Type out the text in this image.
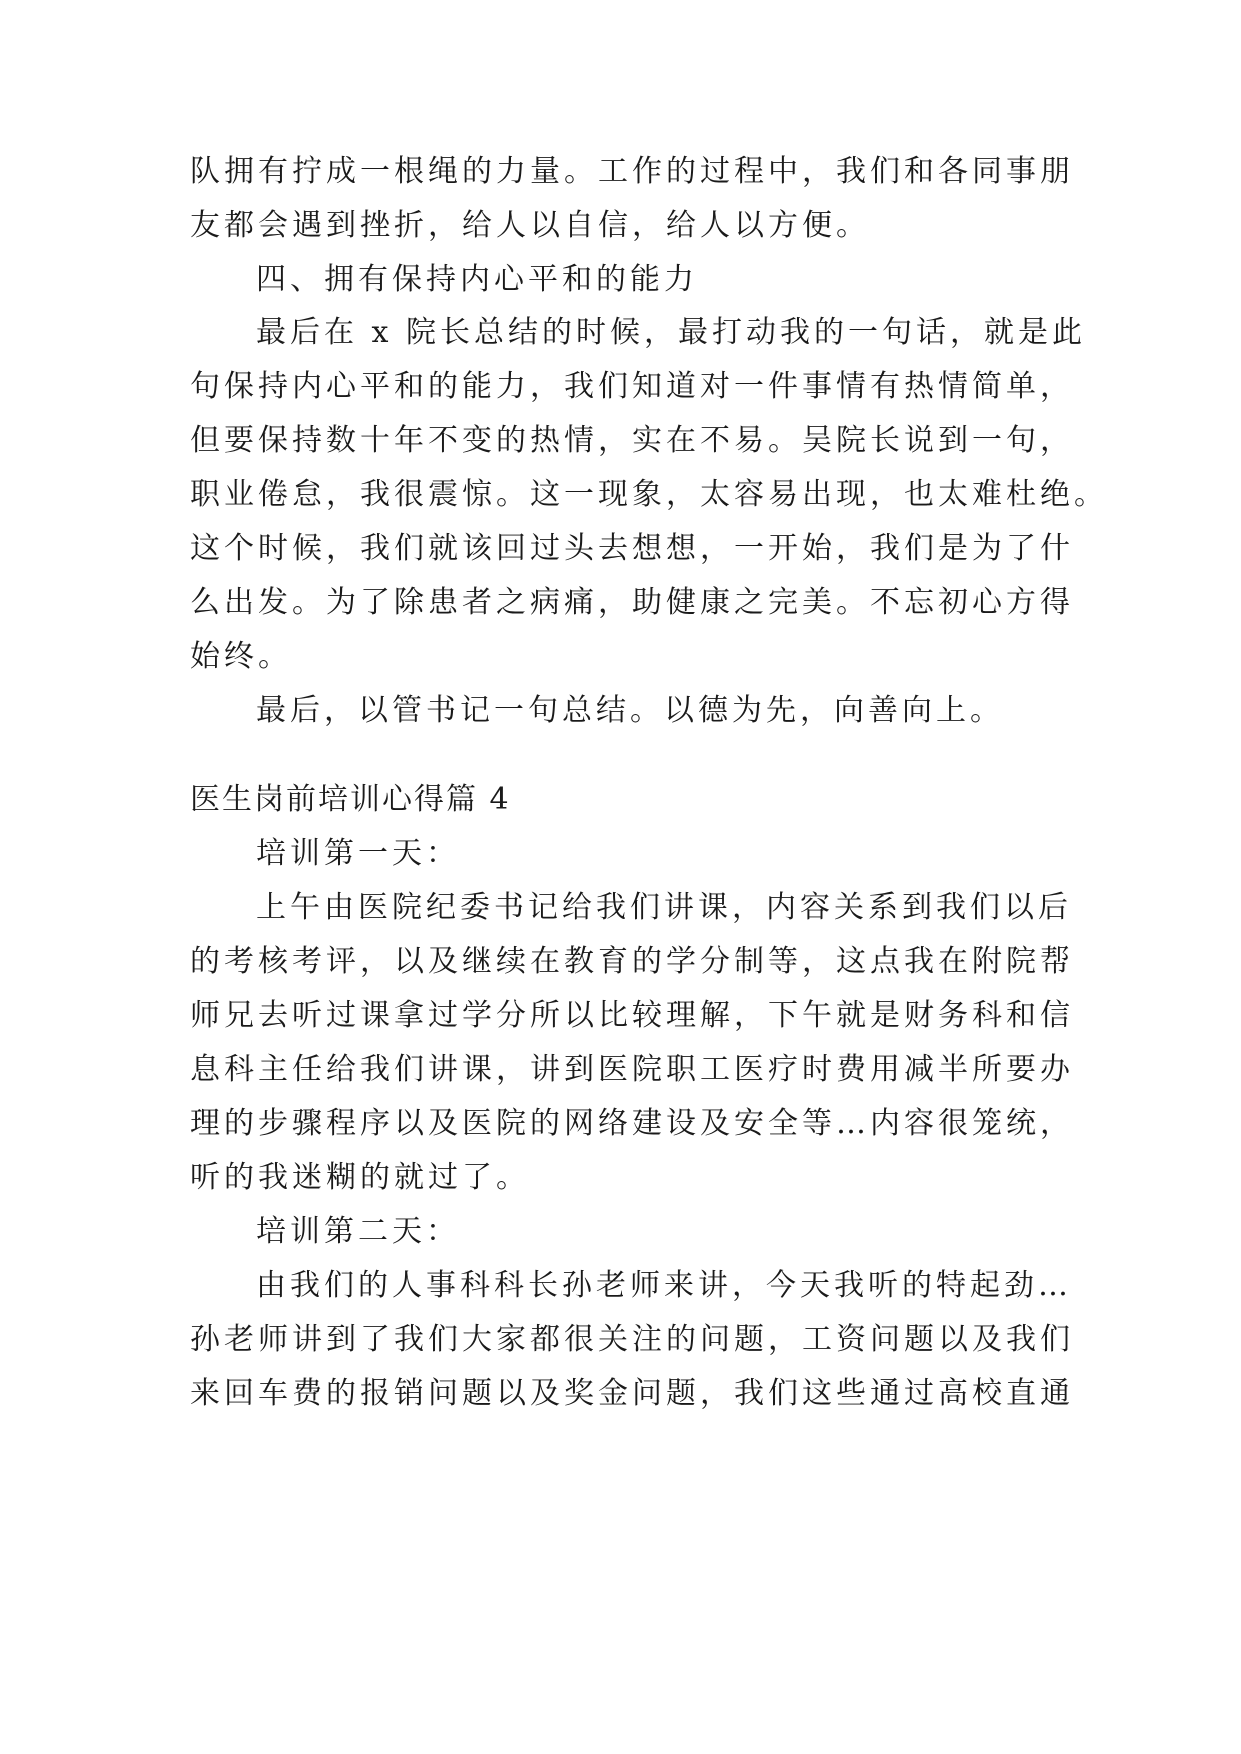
队拥有拧成一根绳的力量。工作的过程中，我们和各同事朋
友都会遇到挫折，给人以自信，给人以方便。
四、拥有保持内心平和的能力
最后在 x 院长总结的时候，最打动我的一句话，就是此
句保持内心平和的能力，我们知道对一件事情有热情简单，
但要保持数十年不变的热情，实在不易。吴院长说到一句，
职业倦怠，我很震惊。这一现象，太容易出现，也太难杜绝。
这个时候，我们就该回过头去想想，一开始，我们是为了什
么出发。为了除患者之病痛，助健康之完美。不忘初心方得
始终。
最后，以管书记一句总结。以德为先，向善向上。
医生岗前培训心得篇 4
培训第一天：
上午由医院纪委书记给我们讲课，内容关系到我们以后
的考核考评，以及继续在教育的学分制等，这点我在附院帮
师兄去听过课拿过学分所以比较理解，下午就是财务科和信
息科主任给我们讲课，讲到医院职工医疗时费用减半所要办
理的步骤程序以及医院的网络建设及安全等…内容很笼统，
听的我迷糊的就过了。
培训第二天：
由我们的人事科科长孙老师来讲，今天我听的特起劲…
孙老师讲到了我们大家都很关注的问题，工资问题以及我们
来回车费的报销问题以及奖金问题，我们这些通过高校直通
